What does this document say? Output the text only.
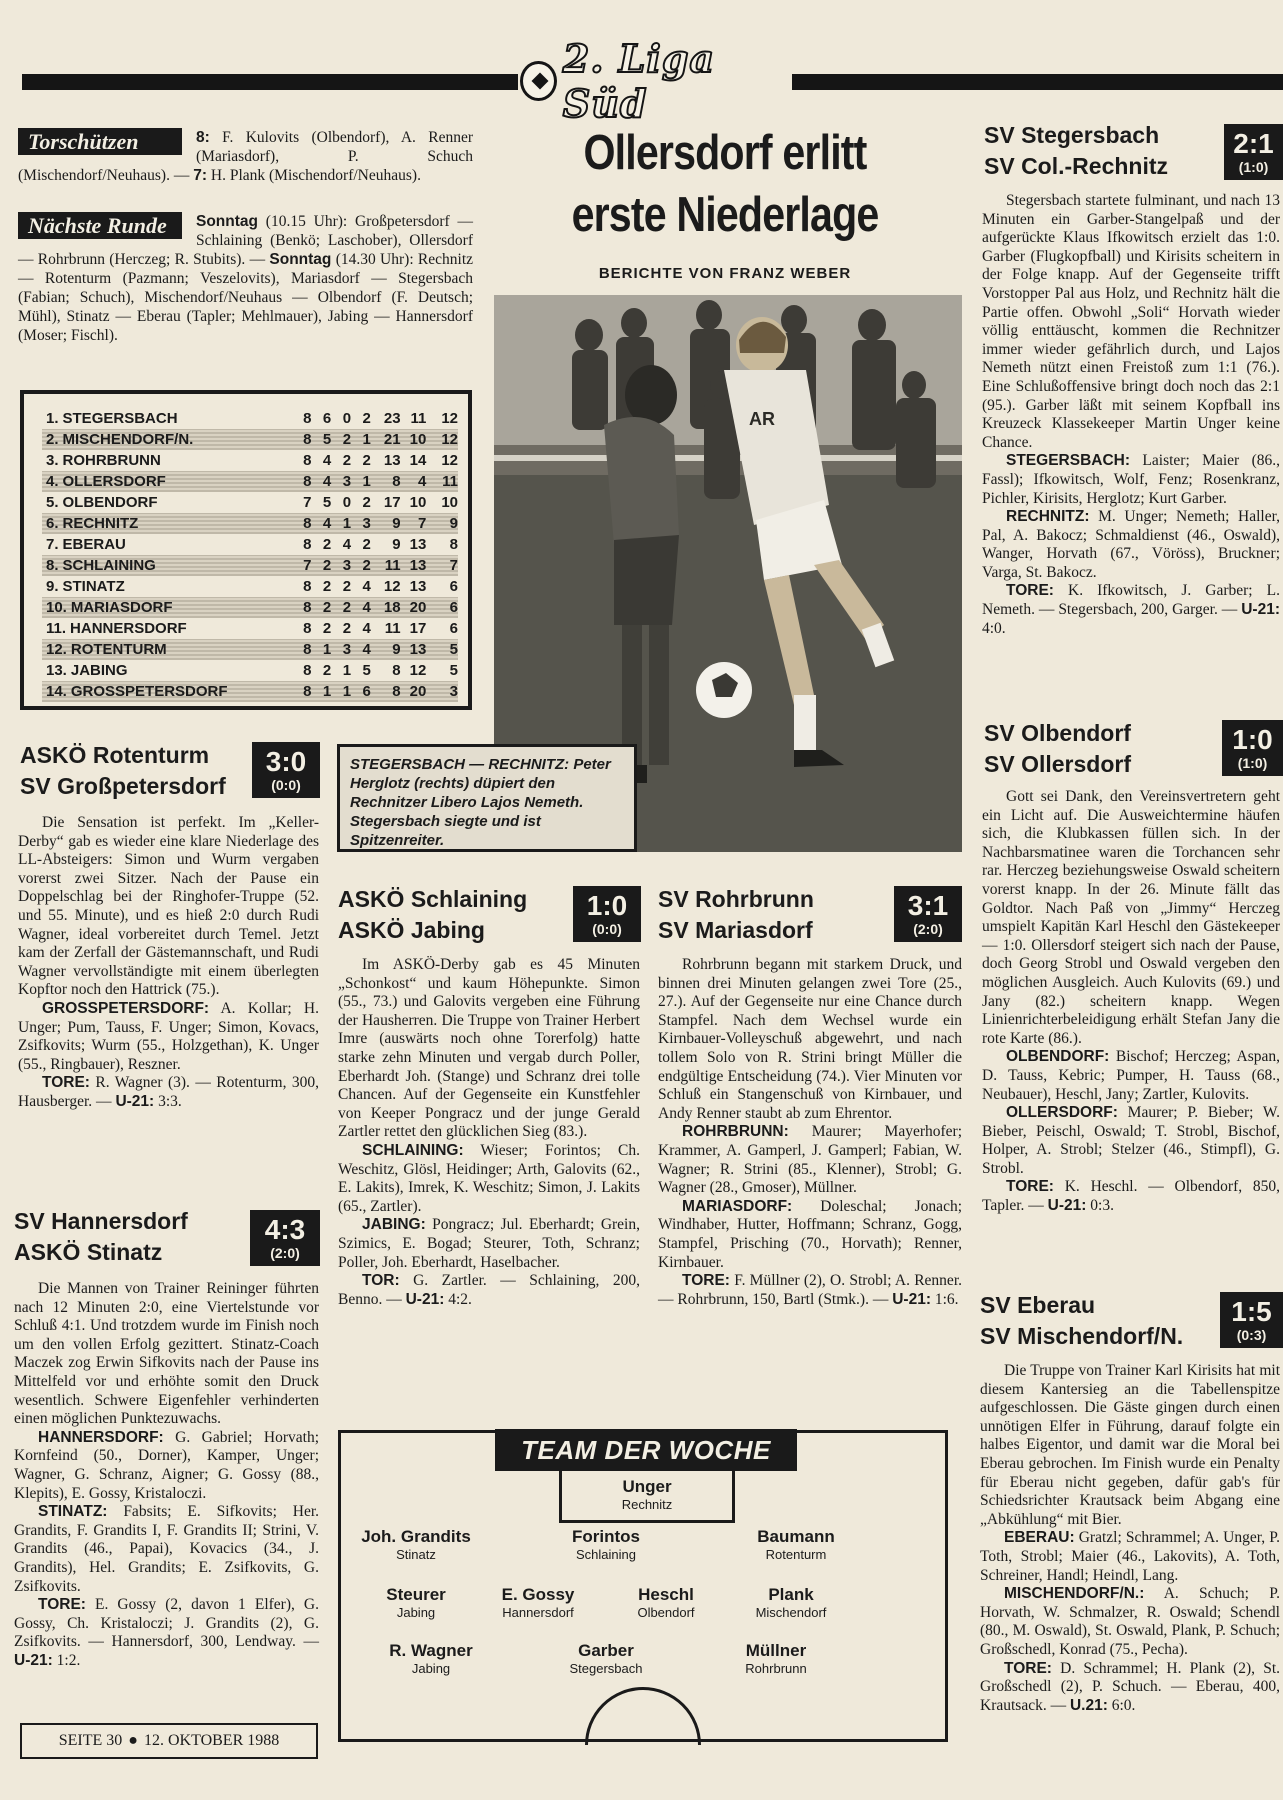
2. Liga Süd
Torschützen	8: F. Kulovits (Olbendorf), A. Renner (Mariasdorf), P. Schuch (Mischendorf/Neuhaus). — 7: H. Plank (Mischendorf/Neuhaus).
Nächste Runde	Sonntag (10.15 Uhr): Großpetersdorf — Schlaining (Benkö; Laschober), Ollersdorf — Rohrbrunn (Herczeg; R. Stubits). — Sonntag (14.30 Uhr): Rechnitz — Rotenturm (Pazmann; Veszelovits), Mariasdorf — Stegersbach (Fabian; Schuch), Mischendorf/Neuhaus — Olbendorf (F. Deutsch; Mühl), Stinatz — Eberau (Tapler; Mehlmauer), Jabing — Hannersdorf (Moser; Fischl).
1. STEGERSBACH	8 6 0 2 23 11	12
2. MISCHENDORF/N.	8 5 2 1 21 10	12
3. ROHRBRUNN	8 4 2 2 13 14	12
4. OLLERSDORF	8 4 3 1	8	4	11
5. OLBENDORF	7 5 0 2 17 10	10
6. RECHNITZ	8 4 1 3	9	7	9
7. EBERAU	8 2 4 2	9 13	8
8. SCHLAINING	7 2 3 2 11 13	7
9. STINATZ	8 2 2 4 12 13	6
10. MARIASDORF	8 2 2 4 18 20	6
11. HANNERSDORF	8 2 2 4 11 17	6
12. ROTENTURM	8 1 3 4	9 13	5
13. JABING	8 2 1 5	8 12	5
14. GROSSPETERSDORF	8 1 1 6	8 20	3
Ollersdorf erlitt
erste Niederlage
BERICHTE VON FRANZ WEBER
AR
STEGERSBACH — RECHNITZ: Peter Herglotz (rechts) düpiert den Rechnitzer Libero Lajos Nemeth. Stegersbach siegte und ist Spitzenreiter.
ASKÖ Rotenturm
SV Großpetersdorf
3:0
(0:0)

Die Sensation ist perfekt. Im „Keller-Derby“ gab es wieder eine klare Niederlage des LL-Absteigers: Simon und Wurm vergaben vorerst zwei Sitzer. Nach der Pause ein Doppelschlag bei der Ringhofer-Truppe (52. und 55. Minute), und es hieß 2:0 durch Rudi Wagner, ideal vorbereitet durch Temel. Jetzt kam der Zerfall der Gästemannschaft, und Rudi Wagner vervollständigte mit einem überlegten Kopftor noch den Hattrick (75.).

GROSSPETERSDORF: A. Kollar; H. Unger; Pum, Tauss, F. Unger; Simon, Kovacs, Zsifkovits; Wurm (55., Holzgethan), K. Unger (55., Ringbauer), Reszner.

TORE: R. Wagner (3). — Rotenturm, 300, Hausberger. — U-21: 3:3.

SV Hannersdorf
ASKÖ Stinatz
4:3
(2:0)

Die Mannen von Trainer Reininger führten nach 12 Minuten 2:0, eine Viertelstunde vor Schluß 4:1. Und trotzdem wurde im Finish noch um den vollen Erfolg gezittert. Stinatz-Coach Maczek zog Erwin Sifkovits nach der Pause ins Mittelfeld vor und erhöhte somit den Druck wesentlich. Schwere Eigenfehler verhinderten einen möglichen Punktezuwachs.

HANNERSDORF: G. Gabriel; Horvath; Kornfeind (50., Dorner), Kamper, Unger; Wagner, G. Schranz, Aigner; G. Gossy (88., Klepits), E. Gossy, Kristaloczi.

STINATZ: Fabsits; E. Sifkovits; Her. Grandits, F. Grandits I, F. Grandits II; Strini, V. Grandits (46., Papai), Kovacics (34., J. Grandits), Hel. Grandits; E. Zsifkovits, G. Zsifkovits.

TORE: E. Gossy (2, davon 1 Elfer), G. Gossy, Ch. Kristaloczi; J. Grandits (2), G. Zsifkovits. — Hannersdorf, 300, Lendway. — U-21: 1:2.

ASKÖ Schlaining
ASKÖ Jabing
1:0
(0:0)

Im ASKÖ-Derby gab es 45 Minuten „Schonkost“ und kaum Höhepunkte. Simon (55., 73.) und Galovits vergeben eine Führung der Hausherren. Die Truppe von Trainer Herbert Imre (auswärts noch ohne Torerfolg) hatte starke zehn Minuten und vergab durch Poller, Eberhardt Joh. (Stange) und Schranz drei tolle Chancen. Auf der Gegenseite ein Kunstfehler von Keeper Pongracz und der junge Gerald Zartler rettet den glücklichen Sieg (83.).

SCHLAINING: Wieser; Forintos; Ch. Weschitz, Glösl, Heidinger; Arth, Galovits (62., E. Lakits), Imrek, K. Weschitz; Simon, J. Lakits (65., Zartler).

JABING: Pongracz; Jul. Eberhardt; Grein, Szimics, E. Bogad; Steurer, Toth, Schranz; Poller, Joh. Eberhardt, Haselbacher.

TOR: G. Zartler. — Schlaining, 200, Benno. — U-21: 4:2.

SV Rohrbrunn
SV Mariasdorf
3:1
(2:0)

Rohrbrunn begann mit starkem Druck, und binnen drei Minuten gelangen zwei Tore (25., 27.). Auf der Gegenseite nur eine Chance durch Stampfel. Nach dem Wechsel wurde ein Kirnbauer-Volleyschuß abgewehrt, und nach tollem Solo von R. Strini bringt Müller die endgültige Entscheidung (74.). Vier Minuten vor Schluß ein Stangenschuß von Kirnbauer, und Andy Renner staubt ab zum Ehrentor.

ROHRBRUNN: Maurer; Mayerhofer; Krammer, A. Gamperl, J. Gamperl; Fabian, W. Wagner; R. Strini (85., Klenner), Strobl; G. Wagner (28., Gmoser), Müllner.

MARIASDORF: Doleschal; Jonach; Windhaber, Hutter, Hoffmann; Schranz, Gogg, Stampfel, Prisching (70., Horvath); Renner, Kirnbauer.

TORE: F. Müllner (2), O. Strobl; A. Renner. — Rohrbrunn, 150, Bartl (Stmk.). — U-21: 1:6.

SV Stegersbach
SV Col.-Rechnitz
2:1
(1:0)

Stegersbach startete fulminant, und nach 13 Minuten ein Garber-Stangelpaß und der aufgerückte Klaus Ifkowitsch erzielt das 1:0. Garber (Flugkopfball) und Kirisits scheitern in der Folge knapp. Auf der Gegenseite trifft Vorstopper Pal aus Holz, und Rechnitz hält die Partie offen. Obwohl „Soli“ Horvath wieder völlig enttäuscht, kommen die Rechnitzer immer wieder gefährlich durch, und Lajos Nemeth nützt einen Freistoß zum 1:1 (76.). Eine Schlußoffensive bringt doch noch das 2:1 (95.). Garber läßt mit seinem Kopfball ins Kreuzeck Klassekeeper Martin Unger keine Chance.

STEGERSBACH: Laister; Maier (86., Fassl); Ifkowitsch, Wolf, Fenz; Rosenkranz, Pichler, Kirisits, Herglotz; Kurt Garber.

RECHNITZ: M. Unger; Nemeth; Haller, Pal, A. Bakocz; Schmaldienst (46., Oswald), Wanger, Horvath (67., Vöröss), Bruckner; Varga, St. Bakocz.

TORE: K. Ifkowitsch, J. Garber; L. Nemeth. — Stegersbach, 200, Garger. — U-21: 4:0.

SV Olbendorf
SV Ollersdorf
1:0
(1:0)

Gott sei Dank, den Vereinsvertretern geht ein Licht auf. Die Ausweichtermine häufen sich, die Klubkassen füllen sich. In der Nachbarsmatinee waren die Torchancen sehr rar. Herczeg beziehungsweise Oswald scheitern vorerst knapp. In der 26. Minute fällt das Goldtor. Nach Paß von „Jimmy“ Herczeg umspielt Kapitän Karl Heschl den Gästekeeper — 1:0. Ollersdorf steigert sich nach der Pause, doch Georg Strobl und Oswald vergeben den möglichen Ausgleich. Auch Kulovits (69.) und Jany (82.) scheitern knapp. Wegen Linienrichterbeleidigung erhält Stefan Jany die rote Karte (86.).

OLBENDORF: Bischof; Herczeg; Aspan, D. Tauss, Kebric; Pumper, H. Tauss (68., Neubauer), Heschl, Jany; Zartler, Kulovits.

OLLERSDORF: Maurer; P. Bieber; W. Bieber, Peischl, Oswald; T. Strobl, Bischof, Holper, A. Strobl; Stelzer (46., Stimpfl), G. Strobl.

TORE: K. Heschl. — Olbendorf, 850, Tapler. — U-21: 0:3.

SV Eberau
SV Mischendorf/N.
1:5
(0:3)

Die Truppe von Trainer Karl Kirisits hat mit diesem Kantersieg an die Tabellenspitze aufgeschlossen. Die Gäste gingen durch einen unnötigen Elfer in Führung, darauf folgte ein halbes Eigentor, und damit war die Moral bei Eberau gebrochen. Im Finish wurde ein Penalty für Eberau nicht gegeben, dafür gab's für Schiedsrichter Krautsack beim Abgang eine „Abkühlung“ mit Bier.

EBERAU: Gratzl; Schrammel; A. Unger, P. Toth, Strobl; Maier (46., Lakovits), A. Toth, Schreiner, Handl; Heindl, Lang.

MISCHENDORF/N.: A. Schuch; P. Horvath, W. Schmalzer, R. Oswald; Schendl (80., M. Oswald), St. Oswald, Plank, P. Schuch; Großschedl, Konrad (75., Pecha).

TORE: D. Schrammel; H. Plank (2), St. Großschedl (2), P. Schuch. — Eberau, 400, Krautsack. — U.21: 6:0.

TEAM DER WOCHE
Unger
Rechnitz
Joh. Grandits
Stinatz
Forintos
Schlaining
Baumann
Rotenturm
Steurer
Jabing
E. Gossy
Hannersdorf
Heschl
Olbendorf
Plank
Mischendorf
R. Wagner
Jabing
Garber
Stegersbach
Müllner
Rohrbrunn
SEITE 30 ● 12. OKTOBER 1988
